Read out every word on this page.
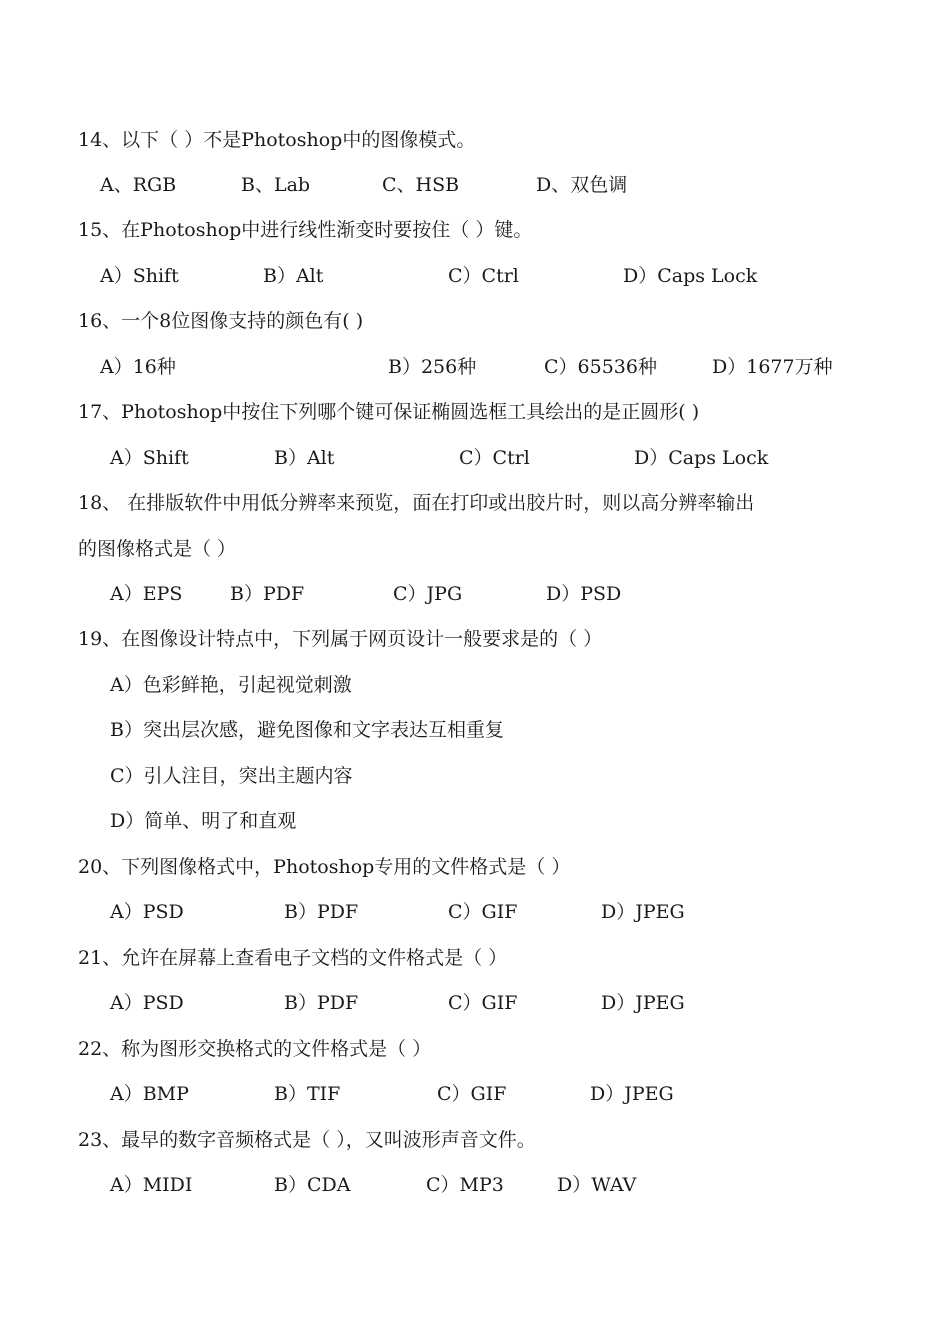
14、以下（ ）不是Photoshop中的图像模式。
A、RGB	B、Lab	C、HSB	D、双色调
15、在Photoshop中进行线性渐变时要按住（ ）键。
A）Shift	B）Alt	C）Ctrl	D）Caps Lock
16、一个8位图像支持的颜色有( )
A）16种	B）256种	C）65536种	D）1677万种
17、Photoshop中按住下列哪个键可保证椭圆选框工具绘出的是正圆形( )
A）Shift	B）Alt	C）Ctrl	D）Caps Lock
18、 在排版软件中用低分辨率来预览，面在打印或出胶片时，则以高分辨率输出
的图像格式是（ ）
A）EPS	B）PDF	C）JPG	D）PSD
19、在图像设计特点中，下列属于网页设计一般要求是的（ ）
A）色彩鲜艳，引起视觉刺激
B）突出层次感，避免图像和文字表达互相重复
C）引人注目，突出主题内容
D）简单、明了和直观
20、下列图像格式中，Photoshop专用的文件格式是（ ）
A）PSD	B）PDF	C）GIF	D）JPEG
21、允许在屏幕上查看电子文档的文件格式是（ ）
A）PSD	B）PDF	C）GIF	D）JPEG
22、称为图形交换格式的文件格式是（ ）
A）BMP	B）TIF	C）GIF	D）JPEG
23、最早的数字音频格式是（ ），又叫波形声音文件。
A）MIDI	B）CDA	C）MP3	D）WAV
